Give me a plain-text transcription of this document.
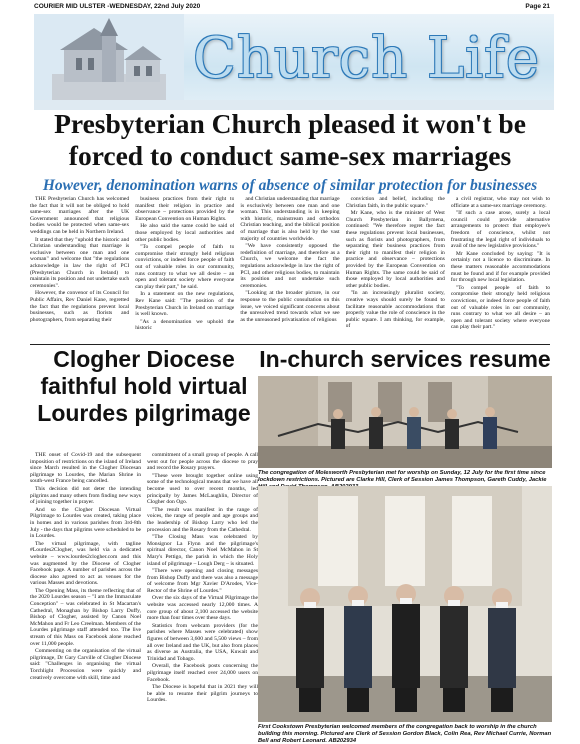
COURIER MID ULSTER -WEDNESDAY, 22nd July 2020	Page 21
Church Life
Presbyterian Church pleased it won't be forced to conduct same-sex marriages
However, denomination warns of absence of similar protection for businesses

THE Presbyterian Church has welcomed the fact that it will not be obliged to hold same-sex marriages after the UK Government announced that religious bodies would be protected when same-sex weddings can be held in Northern Ireland.

It stated that they "uphold the historic and Christian understanding that marriage is exclusive between one man and one woman" and welcome that "the regulations acknowledge in law the right of PCI (Presbyterian Church in Ireland) to maintain its position and not undertake such ceremonies".

However, the convenor of its Council for Public Affairs, Rev Daniel Kane, regretted the fact that the regulations prevent local businesses, such as florists and photographers, from separating their

business practices from their right to manifest their religion in practice and observance – protections provided by the European Convention on Human Rights.

He also said the same could be said of those employed by local authorities and other public bodies.

"To compel people of faith to compromise their strongly held religious convictions, or indeed force people of faith out of valuable roles in our community, runs contrary to what we all desire – an open and tolerant society where everyone can play their part," he said.

In a statement on the new regulations, Rev Kane said: "The position of the Presbyterian Church in Ireland on marriage is well known.

"As a denomination we uphold the historic

and Christian understanding that marriage is exclusively between one man and one woman. This understanding is in keeping with historic, mainstream and orthodox Christian teaching, and the biblical position of marriage that is also held by the vast majority of countries worldwide.

"We have consistently opposed the redefinition of marriage, and therefore as a Church, we welcome the fact the regulations acknowledge in law the right of PCI, and other religious bodies, to maintain its position and not undertake such ceremonies.

"Looking at the broader picture, in our response to the public consultation on this issue, we voiced significant concerns about the unresolved trend towards what we see as the unreasoned privatisation of religious

conviction and belief, including the Christian faith, in the public square."

Mr Kane, who is the minister of West Church Presbyterian in Ballymena, continued: "We therefore regret the fact these regulations prevent local businesses, such as florists and photographers, from separating their business practices from their right to manifest their religion in practice and observance – protections provided by the European Convention on Human Rights. The same could be said of those employed by local authorities and other public bodies.

"In an increasingly pluralist society, creative ways should surely be found to facilitate reasonable accommodations that properly value the role of conscience in the public square. I am thinking, for example, of

a civil registrar, who may not wish to officiate at a same-sex marriage ceremony.

"If such a case arose, surely a local council could provide alternative arrangements to protect that employee's freedom of conscience, whilst not frustrating the legal right of individuals to avail of the new legislative provisions."

Mr Kane concluded by saying: "It is certainly not a licence to discriminate. In these matters reasonable accommodations must be found and if for example provided for through new local legislation.

"To compel people of faith to compromise their strongly held religious convictions, or indeed force people of faith out of valuable roles in our community, runs contrary to what we all desire – an open and tolerant society where everyone can play their part."

Clogher Diocese faithful hold virtual Lourdes pilgrimage

THE onset of Covid-19 and the subsequent imposition of restrictions on the island of Ireland since March resulted in the Clogher Diocesan pilgrimage to Lourdes, the Marian Shrine in south-west France being cancelled.

This decision did not deter the intending pilgrims and many others from finding new ways of joining together in prayer.

And so the Clogher Diocesan Virtual Pilgrimage to Lourdes was created, taking place in homes and in various parishes from 3rd-8th July - the days that pilgrims were scheduled to be in Lourdes.

The virtual pilgrimage, with tagline #Lourdes2Clogher, was held via a dedicated website – www.lourdes2clogher.com and this was augmented by the Diocese of Clogher Facebook page. A number of parishes across the diocese also agreed to act as venues for the various Masses and devotions.

The Opening Mass, its theme reflecting that of the 2020 Lourdes season – "I am the Immaculate Conception" – was celebrated in St Macartan's Cathedral, Monaghan by Bishop Larry Duffy, Bishop of Clogher, assisted by Canon Noel McMahon and Fr Leo Creelman. Members of the Lourdes pilgrimage staff attended too. The live stream of this Mass on Facebook alone reached over 11,000 people.

Commenting on the organisation of the virtual pilgrimage, Dr Gary Carville of Clogher Diocese said: "Challenges in organising the virtual Torchlight Procession were quickly and creatively overcome with skill, time and

commitment of a small group of people. A call went out for people across the diocese to pray and record the Rosary prayers.

"These were brought together online using some of the technological means that we have all become used to over recent months, led principally by James McLaughlin, Director of Clogher don Ogo.

"The result was manifest in the range of voices, the range of people and age groups and the leadership of Bishop Larry who led the procession and the Rosary from the Cathedral.

"The Closing Mass was celebrated by Monsignor La Flynn and the pilgrimage's spiritual director, Canon Noel McMahon in St Mary's Pettigo, the parish in which the Holy island of pilgrimage – Lough Derg – is situated.

"There were opening and closing messages from Bishop Duffy and there was also a message of welcome from Mgr Xavier D'Arodes, Vice-Rector of the Shrine of Lourdes."

Over the six days of the Virtual Pilgrimage the website was accessed nearly 12,000 times. A core group of about 2,100 accessed the website more than four times over these days.

Statistics from webcam providers (for the parishes where Masses were celebrated) show figures of between 3,600 and 5,500 views – from all over Ireland and the UK, but also from places as diverse as Australia, the USA, Kuwait and Trinidad and Tobago.

Overall, the Facebook posts concerning the pilgrimage itself reached over 24,000 users on Facebook.

The Diocese is hopeful that in 2021 they will be able to resume their pilgrim journeys to Lourdes.

In-church services resume
The congregation of Molesworth Presbyterian met for worship on Sunday, 12 July for the first time since lockdown restrictions. Pictured are Clarke Hill, Clerk of Session James Thompson, Gareth Cuddy, Jackie
First Cookstown Presbyterian welcomed members of the congregation back to worship in the church building this morning. Pictured are Clerk of Session Gordon Black, Colin Rea, Rev Michael Currie, Norman Bell and Robert Leonard. AB202934
